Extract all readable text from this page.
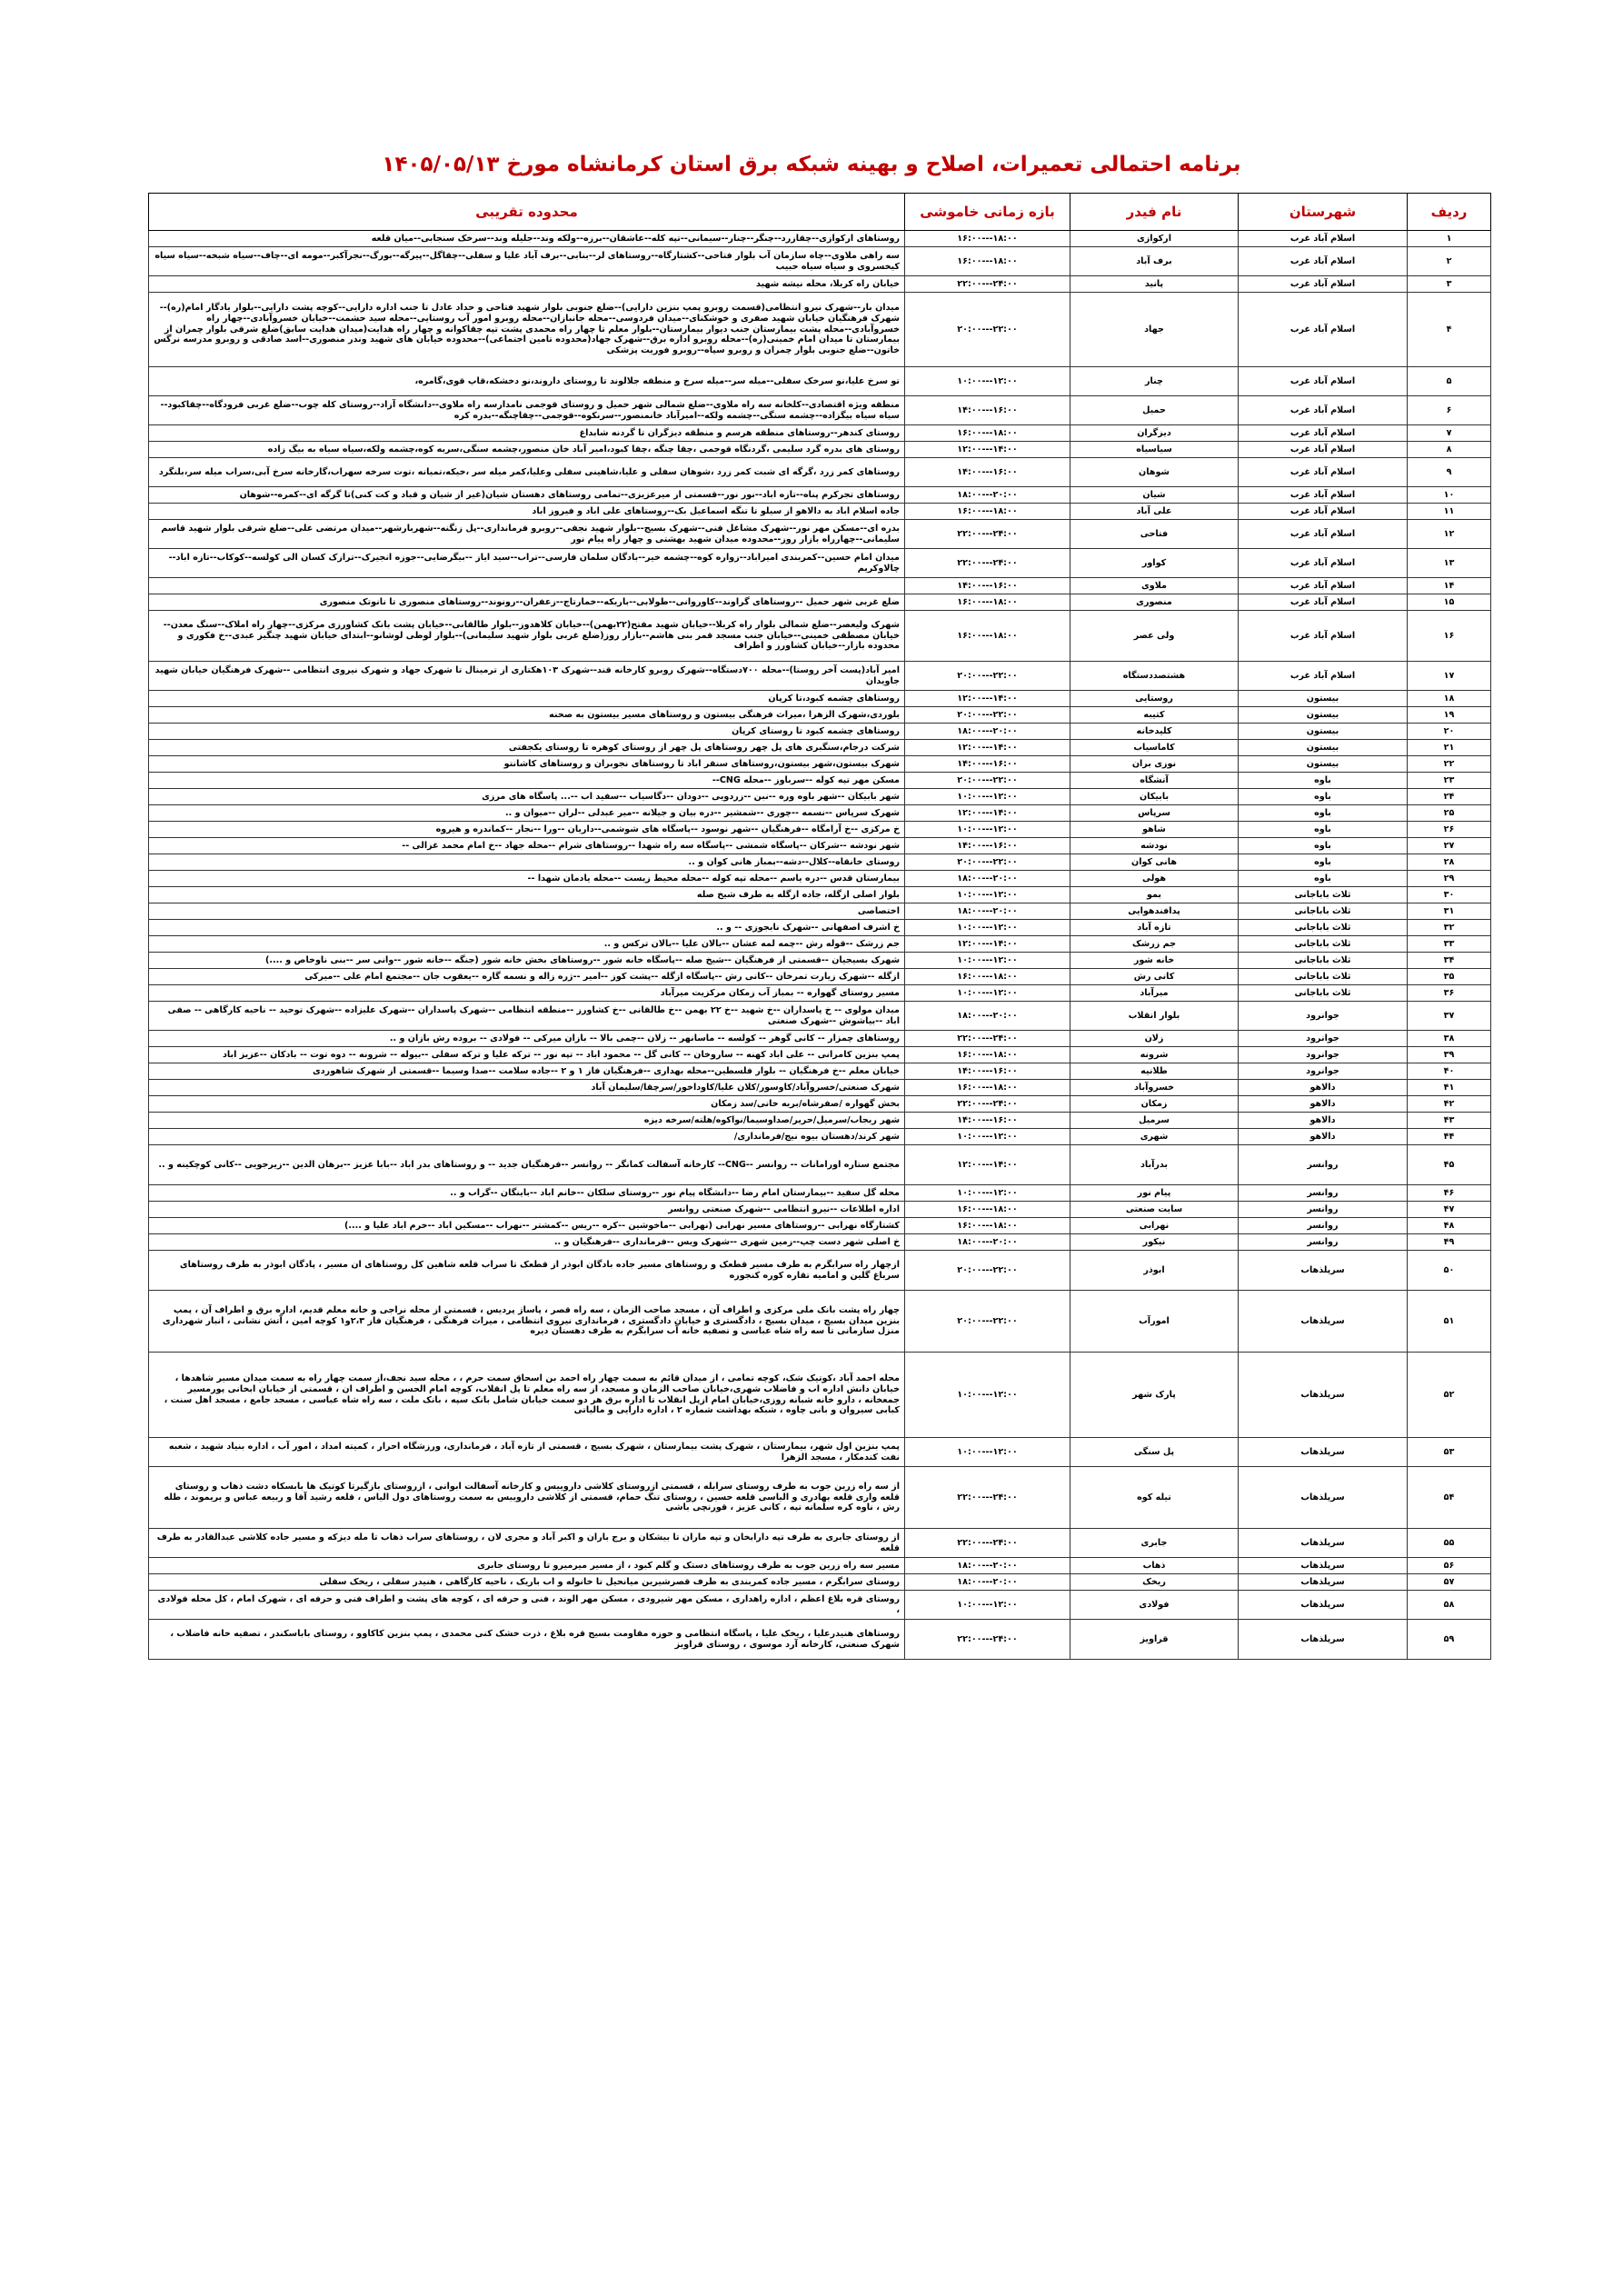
برنامه احتمالی تعمیرات، اصلاح و بهینه شبکه برق استان کرمانشاه مورخ ۱۴۰۵/۰۵/۱۳
ردیف	شهرستان	نام فیدر	بازه زمانی خاموشی	محدوده تقریبی
۱	اسلام آباد غرب	ارکوازی	۱۶:۰۰---۱۸:۰۰	روستاهای ارکوازی--چقازرد--چنگر--چنار--سیمانی--تپه کله--عاشقان--برزه--ولکه وند--جلیله وند--سرخک سنجابی--میان قلعه
۲	اسلام آباد غرب	برف آباد	۱۶:۰۰---۱۸:۰۰	سه راهی ملاوی--چاه سازمان آب بلوار فتاحی--کشتارگاه--روستاهای لر--بنابی--برف آباد علیا و سفلی--چقاگل--پیرگه--بورگ--نجرآکبر--مومه ای--چاف--سیاه شبخه--سیاه سیاه کیخسروی و سیاه سیاه حبیب
۳	اسلام آباد غرب	پانید	۲۲:۰۰---۲۴:۰۰	خیابان راه کربلا، محله نیشه شهید
۴	اسلام آباد غرب	جهاد	۲۰:۰۰---۲۲:۰۰	میدان بار--شهرک نیرو انتظامی(قسمت روبرو پمپ بنزین دارایی)--ضلع جنوبی بلوار شهید فتاحی و حداد عادل تا جنب اداره دارایی--کوچه پشت دارایی--بلوار یادگار امام(ره)--شهرک فرهنگیان خیابان شهید صفری و خوشکنای--میدان فردوسی--محله جانبازان--محله روبرو امور آب روستایی--محله سید حشمت--خیابان خسروآبادی--چهار راه خسروآبادی--محله پشت بیمارستان جنب دیوار بیمارستان--بلوار معلم تا چهار راه محمدی پشت تپه چقاکوانه و چهار راه هدایت(میدان هدایت سابق)ضلع شرقی بلوار چمران از بیمارستان تا میدان امام خمینی(ره)--محله روبرو اداره برق--شهرک جهاد(محدوده تامین اجتماعی)--محدوده خیابان های شهید وندر منصوری--اسد صادقی و روبرو مدرسه نرگس خاتون--ضلع جنوبی بلوار چمران و روبرو سپاه--روبرو فوریت پزشکی
۵	اسلام آباد غرب	چنار	۱۰:۰۰---۱۲:۰۰	تو سرخ علیا،نو سرخک سفلی--میله سر--میله سرخ و منطقه جلالوند تا روستای داروند،نو دخشکه،قاپ قوی،گامره،
۶	اسلام آباد غرب	حمیل	۱۴:۰۰---۱۶:۰۰	منطقه ویژه اقتصادی--کلخانه سه راه ملاوی--ضلع شمالی شهر حمیل و روستای قوجمی نامدارسه راه ملاوی--دانشگاه آزاد--روستای کله چوب--ضلع غربی فرودگاه--چقاکبود--سیاه سیاه بیگزاده--چشمه سنگی--چشمه ولکه--امیرآباد خانمنصور--سرنکوه--قوجمی--چقاچنگه--بدره کره
۷	اسلام آباد غرب	دیزگران	۱۶:۰۰---۱۸:۰۰	روستای کندهر--روستاهای منطقه هرسم و منطقه دیزگران تا گردنه شابداغ
۸	اسلام آباد غرب	سیاسیاه	۱۲:۰۰---۱۴:۰۰	روستای های بدره گرد سلیمی ،گردنگاه قوجمی ،چقا چنگه ،چقا کبود،امیر آباد خان منصور،چشمه سنگی،سربه کوه،چشمه ولکه،سیاه سیاه به بیگ زاده
۹	اسلام آباد غرب	شوهان	۱۴:۰۰---۱۶:۰۰	روستاهای کمر زرد ،گرگه ای شبت کمر زرد ،شوهان سفلی و علیا،شاهینی سفلی وعلیا،کمر میله سر ،خیکه،تمیانه ،توت سرخه سهراب،گارخانه سرخ آبی،سراب میله سر،بلنگرد
۱۰	اسلام آباد غرب	شیان	۱۸:۰۰---۲۰:۰۰	روستاهای تجرکرم پناه--تازه اباد--نور نور--قسمتی از میرعزیزی--تمامی روستاهای دهستان شیان(غیر از شیان و قباد و کت کنی)تا گرگه ای--کمره--شوهان
۱۱	اسلام آباد غرب	علی آباد	۱۶:۰۰---۱۸:۰۰	جاده اسلام اباد به دالاهو از سیلو تا تنگه اسماعیل بک--روستاهای علی اباد و فیروز اباد
۱۲	اسلام آباد غرب	فتاحی	۲۲:۰۰---۲۴:۰۰	بدره ای--مسکن مهر نور--شهرک مشاغل فنی--شهرک بسیج--بلوار شهید نجفی--روبرو فرمانداری--پل زنگنه--شهربارشهر--میدان مرتضی علی--ضلع شرقی بلوار شهید قاسم سلیمانی--چهارراه بازار روز--محدوده میدان شهید بهشتی و چهار راه پیام نور
۱۳	اسلام آباد غرب	کواور	۲۲:۰۰---۲۴:۰۰	میدان امام حسین--کمربندی امیراباد--زواره کوه--چشمه خیر--بادگان سلمان فارسی--تراب--سید ایاز --بیگرضایی--جوزه انجیرک--ترازک کسان الی کولسه--کوکاب--تازه اباد--چالاوکریم
۱۴	اسلام آباد غرب	ملاوی	۱۴:۰۰---۱۶:۰۰	
۱۵	اسلام آباد غرب	منصوری	۱۶:۰۰---۱۸:۰۰	ضلع غربی شهر حمیل --روستاهای گراوند--کاوروانی--طولابی--باریکه--خمارتاج--زعفران--رونوند--روستاهای منصوری تا نانوتک منصوری
۱۶	اسلام آباد غرب	ولی عصر	۱۶:۰۰---۱۸:۰۰	شهرک ولیعصر--ضلع شمالی بلوار راه کربلا--خیابان شهید مفتح(۲۲بهمن)--خیابان کلاهدوز--بلوار طالقانی--خیابان پشت بانک کشاورزی مرکزی--چهار راه املاک--سنگ معدن--خیابان مصطفی خمینی--خیابان جنب مسجد قمر بنی هاشم--بازار روز(ضلع غربی بلوار شهید سلیمانی)--بلوار لوطی لوشانو--ابتدای خیابان شهید چنگیز عبدی--خ فکوری و محدوده بازار--خیابان کشاورز و اطراف
۱۷	اسلام آباد غرب	هشتصددستگاه	۲۰:۰۰---۲۲:۰۰	امیر آباد(پست آخر روستا)--محله ۷۰۰دستگاه--شهرک روبرو کارخانه قند--شهرک ۱۰۳هکتاری از ترمینال تا شهرک جهاد و شهرک نیروی انتظامی --شهرک فرهنگیان خیابان شهید جاویدان
۱۸	بیستون	روستایی	۱۲:۰۰---۱۴:۰۰	روستاهای چشمه کبود،تا کرپان
۱۹	بیستون	کتیبه	۲۰:۰۰---۲۲:۰۰	بلوردی،شهرک الزهرا ،میراث فرهنگی بیستون و روستاهای مسیر بیستون به صحنه
۲۰	بیستون	کلیدخانه	۱۸:۰۰---۲۰:۰۰	روستاهای چشمه کبود تا روستای کرپان
۲۱	بیستون	کاماسیاب	۱۲:۰۰---۱۴:۰۰	شرکت درجام،سنگبری های پل چهر روستاهای پل چهر از روستای کوهره تا روستای یکجفتی
۲۲	بیستون	نوزی بران	۱۴:۰۰---۱۶:۰۰	شهرک بیستون،شهر بیستون،روستاهای سنقر اباد تا روستاهای نجوبران و روستاهای کاشانتو
۲۳	باوه	آتشگاه	۲۰:۰۰---۲۲:۰۰	مسکن مهر تپه کوله --سرباوز --محله CNG--
۲۴	باوه	بابیکان	۱۰:۰۰---۱۲:۰۰	شهر بابیکان --شهر باوه وره --نبن --زردویی --دودان --دگاسیاب --سفید اب --... پاسگاه های مرزی
۲۵	باوه	سرپاس	۱۲:۰۰---۱۴:۰۰	شهرک سرپاس --نسمه --چوری --شمشیر --دره بیان و جیلانه --میر عبدلی --لران --میوان و ..
۲۶	باوه	شاهو	۱۰:۰۰---۱۲:۰۰	خ مرکزی --خ آرامگاه --فرهنگیان --شهر نوسود --پاسگاه های شوشمی--داریان --ورا --نجار --کماندره و هیروه
۲۷	باوه	نودشه	۱۴:۰۰---۱۶:۰۰	شهر نودشه --شرکان --پاسگاه شمشی --پاسگاه سه راه شهدا --روستاهای شرام --محله جهاد --خ امام محمد غزالی --
۲۸	باوه	هانی کوان	۲۰:۰۰---۲۲:۰۰	روستای خانقاه--کلال--دشه--بمباز هانی کوان و ..
۲۹	باوه	هولی	۱۸:۰۰---۲۰:۰۰	بیمارستان قدس --دره یاسم --محله تپه کوله --محله محیط زیست --محله یادمان شهدا --
۳۰	ثلاث باباجانی	بمو	۱۰:۰۰---۱۲:۰۰	بلوار اصلی ازگله، جاده ازگله به طرف شیخ صله
۳۱	ثلاث باباجانی	پدافندهوایی	۱۸:۰۰---۲۰:۰۰	اختصاصی
۳۲	ثلاث باباجانی	تازه آباد	۱۰:۰۰---۱۲:۰۰	خ اشرف اصفهانی --شهرک نابجوزی -- و ..
۳۳	ثلاث باباجانی	جم زرشک	۱۲:۰۰---۱۴:۰۰	جم زرشک --قوله رش --چمه لمه عشان --بالان علیا --بالان ترکس و ..
۳۴	ثلاث باباجانی	خانه شور	۱۰:۰۰---۱۲:۰۰	شهرک بسیجیان --قسمتی از فرهنگیان --شیخ صله --پاسگاه خانه شور --روستاهای بخش خانه شور (جنگه --خانه شور --وانی سر --بنی ناوخاص و ....)
۳۵	ثلاث باباجانی	کانی رش	۱۶:۰۰---۱۸:۰۰	ازگله --شهرک زیارت تمرخان --کانی رش --پاسگاه ازگله --پشت کوز --امیر --ژره زاله و نسمه گاره --یعقوب جان --مجتمع امام علی --میرکی
۳۶	ثلاث باباجانی	میرآباد	۱۰:۰۰---۱۲:۰۰	مسیر روستای گهواره -- بمباز آب زمکان مرکزیت میرآباد
۳۷	جوانرود	بلوار انقلاب	۱۸:۰۰---۲۰:۰۰	میدان مولوی -- خ پاسداران --خ شهید --خ ۲۲ بهمن --خ طالقانی --خ کشاورز --منطقه انتظامی --شهرک پاسداران --شهرک علیزاده --شهرک توحید -- ناحیه کارگاهی -- صفی اباد --بیاشوش --شهرک صنعتی
۳۸	جوانرود	زلان	۲۲:۰۰---۲۴:۰۰	روستاهای چمزار -- کانی گوهر -- کولسه -- ماسانهر -- زلان --چمی بالا -- بازان میرکی -- فولادی -- بروده رش بازان و ..
۳۹	جوانرود	شرونه	۱۶:۰۰---۱۸:۰۰	پمپ بنزین کامرانی -- علی اباد کهنه -- ساروخان -- کانی گل -- محمود اباد -- تپه نور -- ترکه علیا و ترکه سفلی --بیوله -- شرونه -- دوه توت -- بادکان --عزیز اباد
۴۰	جوانرود	طلانیه	۱۴:۰۰---۱۶:۰۰	خیابان معلم --خ فرهنگیان -- بلوار فلسطین--محله بهداری --فرهنگیان فاز ۱ و ۲ --جاده سلامت --صدا وسیما --قسمتی از شهرک شاهوردی
۴۱	دالاهو	خسروآباد	۱۶:۰۰---۱۸:۰۰	شهرک صنعتی/خسروآباد/کاوسور/کلان علیا/کاوداخور/سرچقا/سلیمان آباد
۴۲	دالاهو	زمکان	۲۲:۰۰---۲۴:۰۰	بخش گهواره /صفرشاه/بریه خانی/سد زمکان
۴۳	دالاهو	سرمیل	۱۴:۰۰---۱۶:۰۰	شهر ریجاب/سرمیل/حریر/صداوسیما/نواکوه/هلته/سرخه دیزه
۴۴	دالاهو	شهری	۱۰:۰۰---۱۲:۰۰	شهر کرند/دهستان بیوه نیج/فرمانداری/
۴۵	روانسر	بدرآباد	۱۲:۰۰---۱۴:۰۰	مجتمع ستاره اورامانات -- روانسر --CNG-- کارخانه آسفالت کمانگر -- روانسر --فرهنگیان جدید -- و روستاهای بدر اباد --بابا عزیز --برهان الدین --زیرجویی --کانی کوچکینه و ..
۴۶	روانسر	پیام نور	۱۰:۰۰---۱۲:۰۰	محله گل سفید --بیمارستان امام رضا --دانشگاه پیام نور --روستای سلکان --خانم اباد --باینگان --گراب و ..
۴۷	روانسر	سایت صنعتی	۱۶:۰۰---۱۸:۰۰	اداره اطلاعات --نیرو انتظامی --شهرک صنعتی روانسر
۴۸	روانسر	نهرابی	۱۶:۰۰---۱۸:۰۰	کشتارگاه نهرابی --روستاهای مسیر نهرابی (نهرابی --ماخوشین --کره --ریس --کمشتر --نهراب --مسکین اباد --خرم اباد علیا و ....)
۴۹	روانسر	نیکور	۱۸:۰۰---۲۰:۰۰	خ اصلی شهر دست چپ--زمین شهری --شهرک ویس --فرمانداری --فرهنگیان و ..
۵۰	سرپلذهاب	ابوذر	۲۰:۰۰---۲۲:۰۰	ازچهار راه سرابگرم به طرف مسیر قطعک و روستاهای مسیر جاده بادگان ابوذر از قطعک تا سراب قلعه شاهین کل روستاهای ان مسیر ، پادگان ابوذر به طرف روستاهای سرباغ گلین و امامیه تقاره کوره کنجوره
۵۱	سرپلذهاب	امورآب	۲۰:۰۰---۲۲:۰۰	چهار راه پشت بانک ملی مرکزی و اطراف آن ، مسجد صاحب الزمان ، سه راه قصر ، پاساژ پردیس ، قسمتی از محله نراجی و خانه معلم قدیم، اداره برق و اطراف آن ، پمپ بنزین میدان بسیج ، میدان بسیج ، دادگستری و خیابان دادگستری ، فرمانداری نیروی انتظامی ، میراث فرهنگی ، فرهنگیان فاز ۲،۳و۱ کوچه امین ، آتش نشانی ، انبار شهرداری منزل سازمانی تا سه راه شاه عباسی و تصفیه خانه آب سرابگرم به طرف دهستان دیره
۵۲	سرپلذهاب	پارک شهر	۱۰:۰۰---۱۲:۰۰	محله احمد آباد ،کوتیک شک، کوچه تمامی ، از میدان قائم به سمت چهار راه احمد بن اسحاق سمت حرم ، ، محله سید نجف،از سمت چهار راه به سمت میدان مسیر شاهدها ، خیابان دانش اداره اب و فاضلاب شهری،خیابان صاحب الزمان و مسجد، از سه راه معلم تا پل انقلاب، کوچه امام الحسن و اطراف ان ، قسمتی از خیابان ابخانی پورمسیر جمعخانه ، دارو خانه شبانه روزی،خیابان امام ازپل انقلاب تا اداره برق هر دو سمت خیابان شامل بانک سپه ، بانک ملت ، سه راه شاه عباسی ، مسجد جامع ، مسجد اهل سنت ، کبابی سیروان و بانی چاوه ، شبکه بهداشت شماره ۲ ، اداره دارایی و مالیاتی
۵۳	سرپلذهاب	پل سنگی	۱۰:۰۰---۱۲:۰۰	پمپ بنزین اول شهر، بیمارستان ، شهرک پشت بیمارستان ، شهرک بسیج ، قسمتی از تازه آباد ، فرمانداری، ورزشگاه احرار ، کمیته امداد ، امور آب ، اداره بنیاد شهید ، شعبه نفت کندمکار ، مسجد الزهرا
۵۴	سرپلذهاب	تیله کوه	۲۲:۰۰---۲۴:۰۰	از سه راه زرین جوب به طرف روستای سرابله ، قسمتی ازروستای کلاشی داروییس و کارخانه آسفالت ابوانی ، ازروستای بازگیرتا کوتیک ها بابسکاه دشت ذهاب و روستای قلعه واری قلعه بهادری و الیاسی قلعه حسین ، روستای تنگ حمام، قسمتی از کلاشی داروییس به سمت روستاهای دول الیاس ، قلعه رشید آقا و ربیعه عباس و بریموند ، طله رش ، ناوه کره سلمانه تپه ، کانی عزیز ، قورنچی باشی
۵۵	سرپلذهاب	جابری	۲۲:۰۰---۲۴:۰۰	از روستای جابری به طرف تپه دارابخان و تپه ماران تا بیشکان و برج باران و اکبر آباد و مجری لان ، روستاهای سراب ذهاب تا مله دیزکه و مسیر جاده کلاشی عبدالقادر به طرف قلعه
۵۶	سرپلذهاب	ذهاب	۱۸:۰۰---۲۰:۰۰	مسیر سه راه زرین جوب به طرف روستاهای دستک و گلم کبود ، از مسیر میرمیرو تا روستای جابری
۵۷	سرپلذهاب	ریخک	۱۸:۰۰---۲۰:۰۰	روستای سرابگرم ، مسیر جاده کمربندی به طرف قصرشیرین میانحیل تا خانوله و اب باریک ، ناحیه کارگاهی ، هنیدر سفلی ، ریخک سفلی
۵۸	سرپلذهاب	فولادی	۱۰:۰۰---۱۲:۰۰	روستای قره بلاغ اعظم ، اداره راهداری ، مسکن مهر شیرودی ، مسکن مهر الوند ، فنی و حرفه ای ، کوچه های پشت و اطراف فنی و حرفه ای ، شهرک امام ، کل محله فولادی ،
۵۹	سرپلذهاب	قراویز	۲۲:۰۰---۲۴:۰۰	روستاهای هنیدرعلیا ، ریخک علیا ، پاسگاه انتظامی و حوزه مقاومت بسیج قره بلاغ ، ذرت خشک کنی محمدی ، پمپ بنزین کاکاوو ، روستای باباسکندر ، تصفیه خانه فاضلاب ، شهرک صنعتی، کارخانه آرد موسوی ، روستای قراویز
